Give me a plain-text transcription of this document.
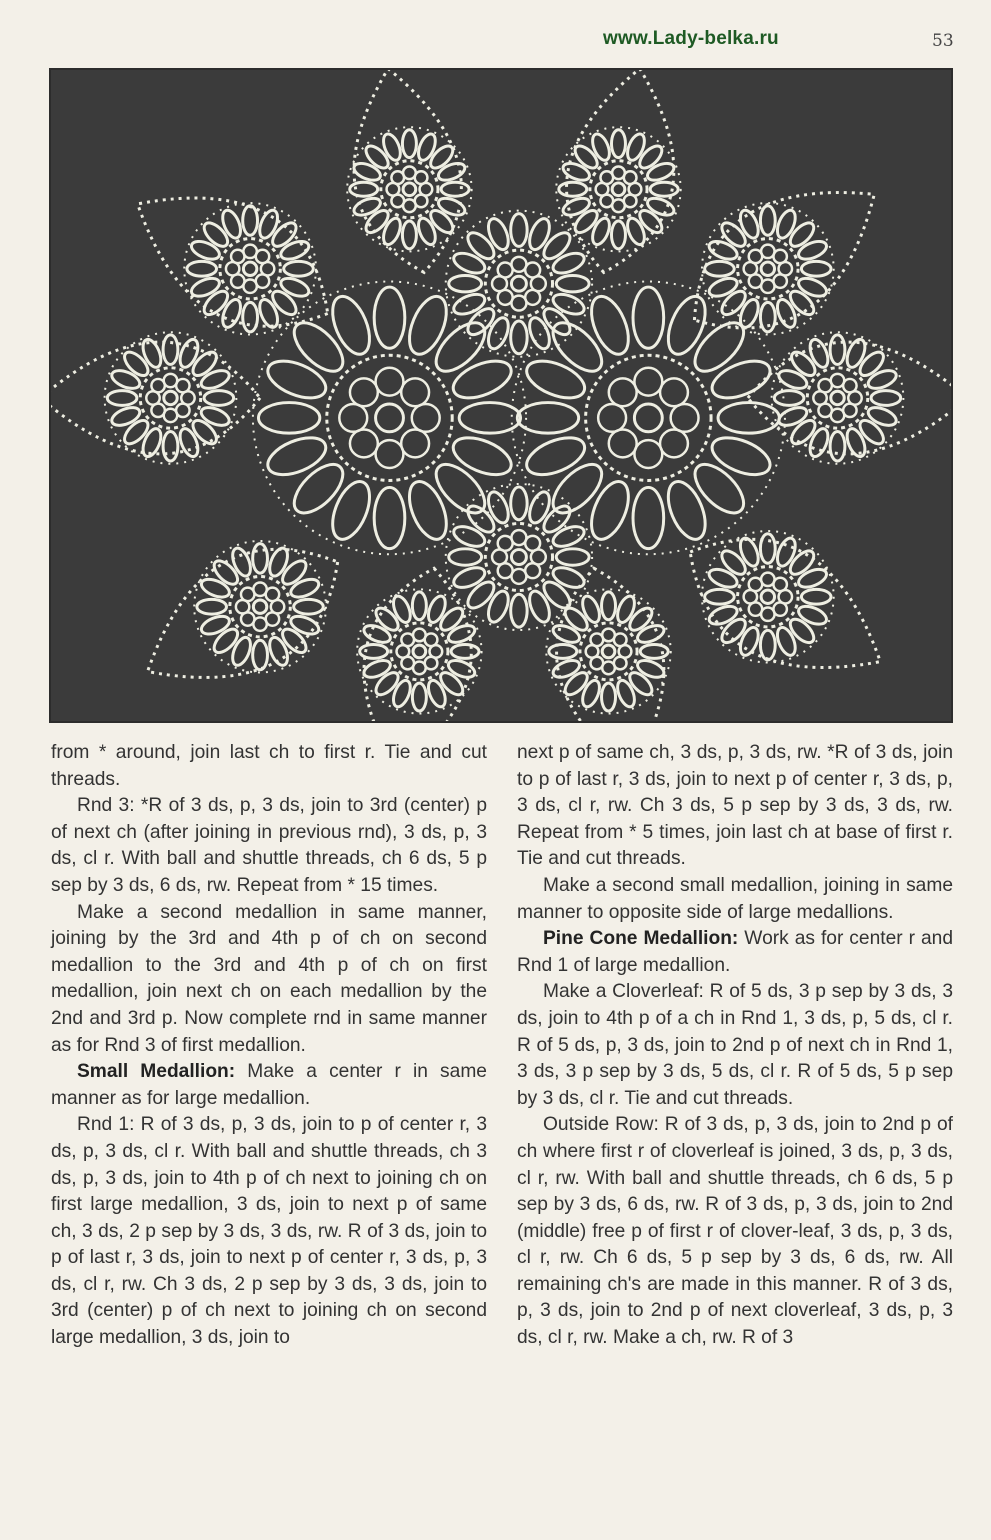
www.Lady-belka.ru	53

from * around, join last ch to first r. Tie and cut threads.

Rnd 3: *R of 3 ds, p, 3 ds, join to 3rd (center) p of next ch (after joining in previous rnd), 3 ds, p, 3 ds, cl r. With ball and shuttle threads, ch 6 ds, 5 p sep by 3 ds, 6 ds, rw. Repeat from * 15 times.

Make a second medallion in same manner, joining by the 3rd and 4th p of ch on second medallion to the 3rd and 4th p of ch on first medallion, join next ch on each medallion by the 2nd and 3rd p. Now complete rnd in same manner as for Rnd 3 of first medallion.

Small Medallion: Make a center r in same manner as for large medallion.

Rnd 1: R of 3 ds, p, 3 ds, join to p of center r, 3 ds, p, 3 ds, cl r. With ball and shuttle threads, ch 3 ds, p, 3 ds, join to 4th p of ch next to joining ch on first large medallion, 3 ds, join to next p of same ch, 3 ds, 2 p sep by 3 ds, 3 ds, rw. R of 3 ds, join to p of last r, 3 ds, join to next p of center r, 3 ds, p, 3 ds, cl r, rw. Ch 3 ds, 2 p sep by 3 ds, 3 ds, join to 3rd (center) p of ch next to joining ch on second large medallion, 3 ds, join to

next p of same ch, 3 ds, p, 3 ds, rw. *R of 3 ds, join to p of last r, 3 ds, join to next p of center r, 3 ds, p, 3 ds, cl r, rw. Ch 3 ds, 5 p sep by 3 ds, 3 ds, rw. Repeat from * 5 times, join last ch at base of first r. Tie and cut threads.

Make a second small medallion, joining in same manner to opposite side of large medallions.

Pine Cone Medallion: Work as for center r and Rnd 1 of large medallion.

Make a Cloverleaf: R of 5 ds, 3 p sep by 3 ds, 3 ds, join to 4th p of a ch in Rnd 1, 3 ds, p, 5 ds, cl r. R of 5 ds, p, 3 ds, join to 2nd p of next ch in Rnd 1, 3 ds, 3 p sep by 3 ds, 5 ds, cl r. R of 5 ds, 5 p sep by 3 ds, cl r. Tie and cut threads.

Outside Row: R of 3 ds, p, 3 ds, join to 2nd p of ch where first r of cloverleaf is joined, 3 ds, p, 3 ds, cl r, rw. With ball and shuttle threads, ch 6 ds, 5 p sep by 3 ds, 6 ds, rw. R of 3 ds, p, 3 ds, join to 2nd (middle) free p of first r of clover-leaf, 3 ds, p, 3 ds, cl r, rw. Ch 6 ds, 5 p sep by 3 ds, 6 ds, rw. All remaining ch's are made in this manner. R of 3 ds, p, 3 ds, join to 2nd p of next cloverleaf, 3 ds, p, 3 ds, cl r, rw. Make a ch, rw. R of 3
